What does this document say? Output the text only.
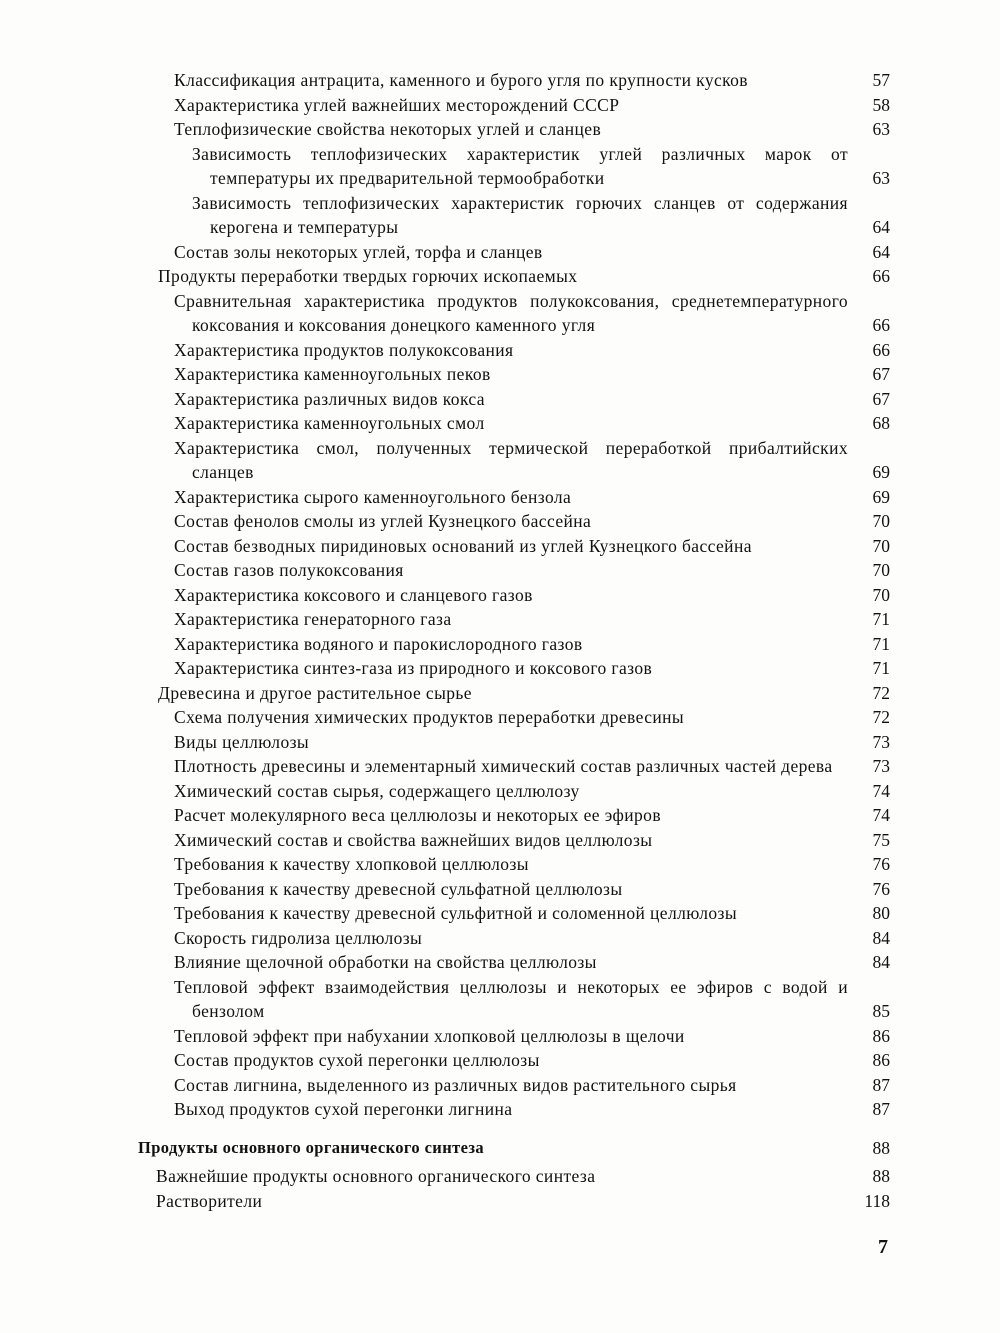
Классификация антрацита, каменного и бурого угля по крупности кусков	57
Характеристика углей важнейших месторождений СССР	58
Теплофизические свойства некоторых углей и сланцев	63
Зависимость теплофизических характеристик углей различных марок от температуры их предварительной термообработки	63
Зависимость теплофизических характеристик горючих сланцев от содержания керогена и температуры	64
Состав золы некоторых углей, торфа и сланцев	64
Продукты переработки твердых горючих ископаемых	66
Сравнительная характеристика продуктов полукоксования, среднетемпературного коксования и коксования донецкого каменного угля	66
Характеристика продуктов полукоксования	66
Характеристика каменноугольных пеков	67
Характеристика различных видов кокса	67
Характеристика каменноугольных смол	68
Характеристика смол, полученных термической переработкой прибалтийских сланцев	69
Характеристика сырого каменноугольного бензола	69
Состав фенолов смолы из углей Кузнецкого бассейна	70
Состав безводных пиридиновых оснований из углей Кузнецкого бассейна	70
Состав газов полукоксования	70
Характеристика коксового и сланцевого газов	70
Характеристика генераторного газа	71
Характеристика водяного и парокислородного газов	71
Характеристика синтез-газа из природного и коксового газов	71
Древесина и другое растительное сырье	72
Схема получения химических продуктов переработки древесины	72
Виды целлюлозы	73
Плотность древесины и элементарный химический состав различных частей дерева	73
Химический состав сырья, содержащего целлюлозу	74
Расчет молекулярного веса целлюлозы и некоторых ее эфиров	74
Химический состав и свойства важнейших видов целлюлозы	75
Требования к качеству хлопковой целлюлозы	76
Требования к качеству древесной сульфатной целлюлозы	76
Требования к качеству древесной сульфитной и соломенной целлюлозы	80
Скорость гидролиза целлюлозы	84
Влияние щелочной обработки на свойства целлюлозы	84
Тепловой эффект взаимодействия целлюлозы и некоторых ее эфиров с водой и бензолом	85
Тепловой эффект при набухании хлопковой целлюлозы в щелочи	86
Состав продуктов сухой перегонки целлюлозы	86
Состав лигнина, выделенного из различных видов растительного сырья	87
Выход продуктов сухой перегонки лигнина	87
Продукты основного органического синтеза	88
Важнейшие продукты основного органического синтеза	88
Растворители	118
7
